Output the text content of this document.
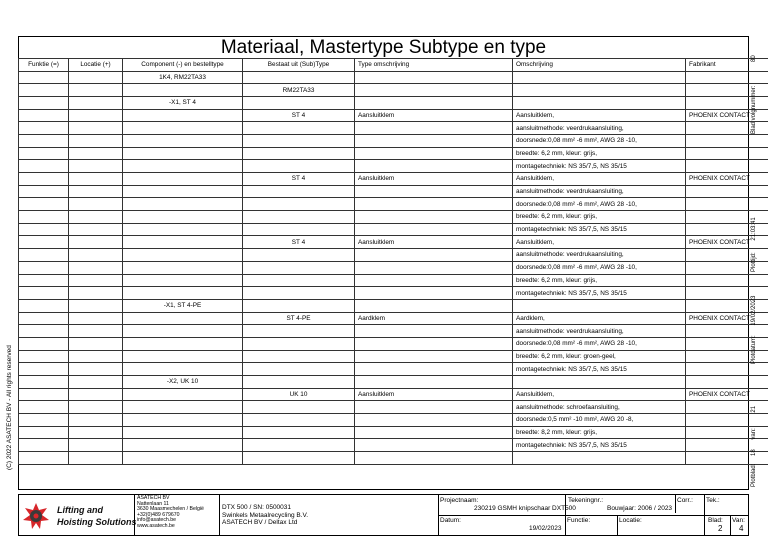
Materiaal, Mastertype Subtype en type
Funktie (=)	Locatie (+)	Component (-) en bestelltype	Bestaat uit (Sub)Type	Type omschrijving	Omschrijving	Fabrikant
		1K4, RM22TA33				
			RM22TA33			
		-X1, ST 4				
			ST 4	Aansluitklem	Aansluitklem,	PHOENIX CONTACT
					aansluitmethode: veerdrukaansluiting,	
					doorsnede:0,08 mm² -6 mm², AWG 28 -10,	
					breedte: 6,2 mm, kleur: grijs,	
					montagetechniek: NS 35/7,5, NS 35/15	
			ST 4	Aansluitklem	Aansluitklem,	PHOENIX CONTACT
					aansluitmethode: veerdrukaansluiting,	
					doorsnede:0,08 mm² -6 mm², AWG 28 -10,	
					breedte: 6,2 mm, kleur: grijs,	
					montagetechniek: NS 35/7,5, NS 35/15	
			ST 4	Aansluitklem	Aansluitklem,	PHOENIX CONTACT
					aansluitmethode: veerdrukaansluiting,	
					doorsnede:0,08 mm² -6 mm², AWG 28 -10,	
					breedte: 6,2 mm, kleur: grijs,	
					montagetechniek: NS 35/7,5, NS 35/15	
		-X1, ST 4-PE				
			ST 4-PE	Aardklem	Aardklem,	PHOENIX CONTACT
					aansluitmethode: veerdrukaansluiting,	
					doorsnede:0,08 mm² -6 mm², AWG 28 -10,	
					breedte: 6,2 mm, kleur: groen-geel,	
					montagetechniek: NS 35/7,5, NS 35/15	
		-X2, UK 10				
			UK 10	Aansluitklem	Aansluitklem,	PHOENIX CONTACT
					aansluitmethode: schroefaansluiting,	
					doorsnede:0,5 mm² -10 mm², AWG 20 -8,	
					breedte: 8,2 mm, kleur: grijs,	
					montagetechniek: NS 35/7,5, NS 35/15	

Blad volgnummer: 80
Plottijd: 21:03:41
Plotdatum: 19/02/2023
Plotblad: 18 van: 21
(C) 2022 ASATECH BV - All rights reserved
Lifting and
Hoisting Solutions
ASATECH BV
Nattenlaan 11
3630 Maasmechelen / België
+32(0)489 679670
info@asatech.be
www.asatech.be
DTX 500 / SN: 0500031
Swinkels Metaalrecycling B.V.
ASATECH BV / Deltax Ltd
Projectnaam:
230219 GSMH knipschaar DXT500
Datum:
19/02/2023
Tekeningnr.:
Bouwjaar: 2006 / 2023
Functie:	Locatie:
Corr.: Tek.:
Blad:
2
Van:
4
